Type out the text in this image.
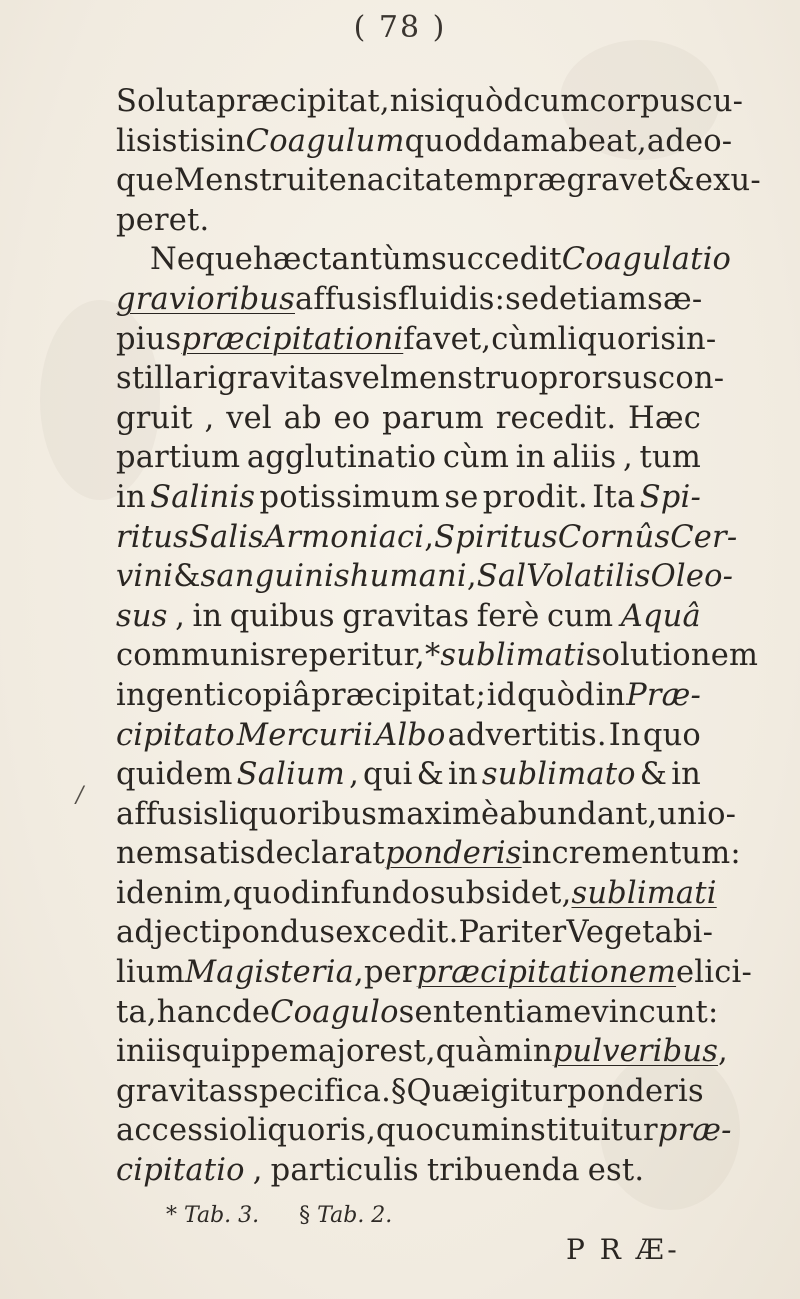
( 78 )
/
Soluta præcipitat, nisi quòd cum corpuscu-
lis istis in Coagulum quoddam abeat , adeo-
que Menstrui tenacitatem prægravet & exu-
peret.
Neque hæc tantùm succedit Coagulatio
gravioribus affusis fluidis : sed etiam sæ-
pius præcipitationi favet , cùm liquoris in-
stillari gravitas vel menstruo prorsus con-
gruit , vel ab eo parum recedit. Hæc
partium agglutinatio cùm in aliis , tum
in Salinis potissimum se prodit. Ita Spi-
ritus Salis Armoniaci , Spiritus Cornûs Cer-
vini & sanguinis humani , Sal Volatilis Oleo-
sus , in quibus gravitas ferè cum Aquâ
communis reperitur, * sublimati solutionem
ingenti copiâ præcipitat ; id quòd in Præ-
cipitato Mercurii Albo advertitis. In quo
quidem Salium , qui & in sublimato & in
affusis liquoribus maximè abundant , unio-
nem satis declarat ponderis incrementum:
id enim, quod in fundo subsidet, sublimati
adjecti pondus excedit. Pariter Vegetabi-
lium Magisteria , per præcipitationem elici-
ta , hanc de Coagulo sententiam evincunt:
in iis quippe major est, quàm in pulveribus,
gravitas specifica. § Quæ igitur ponderis
accessio liquoris , quo cum instituitur præ-
cipitatio , particulis tribuenda est.
* Tab. 3. § Tab. 2.
P R Æ-
